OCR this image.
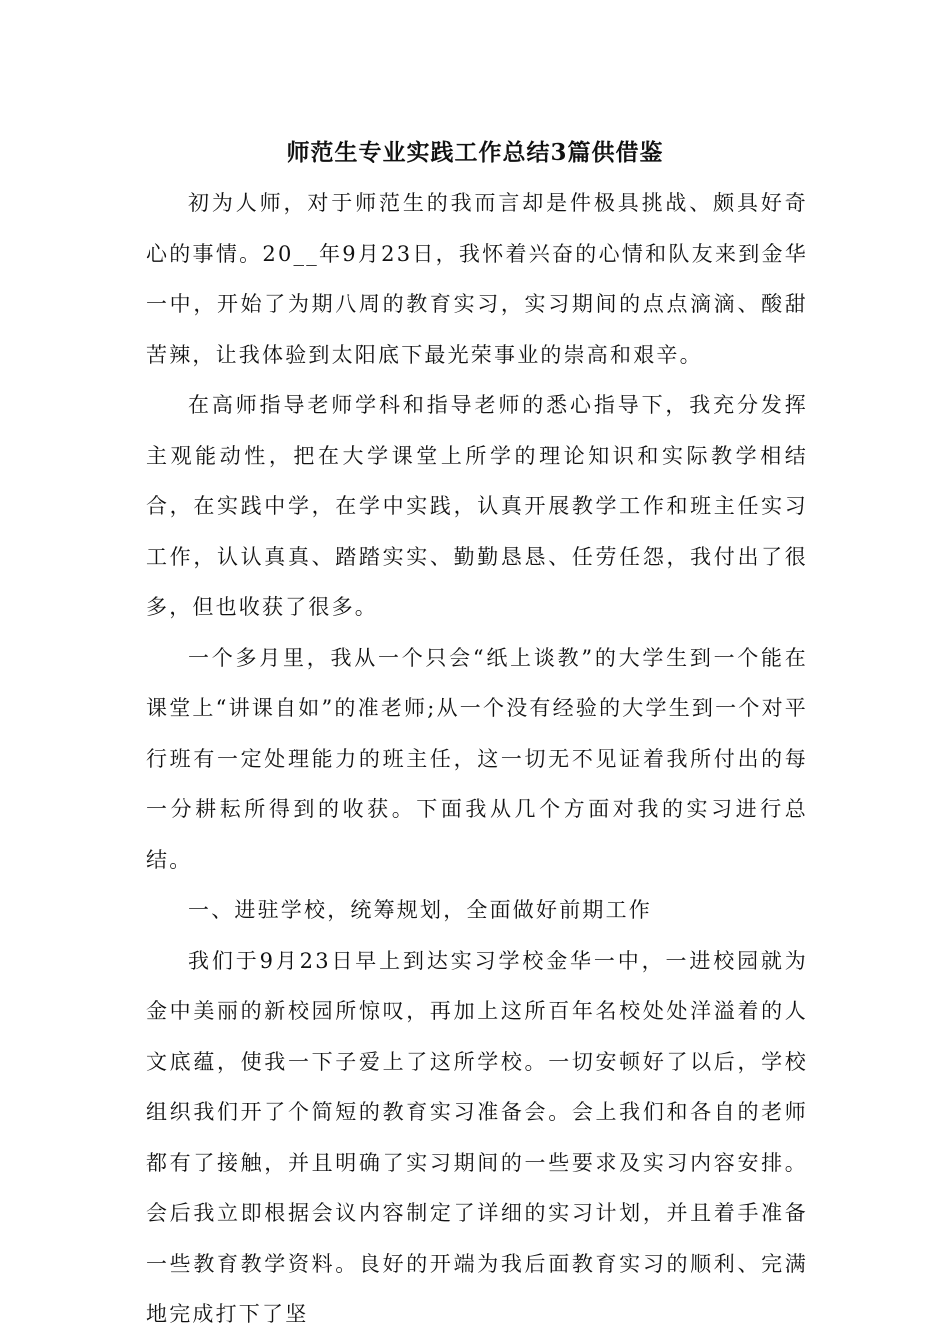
师范生专业实践工作总结3篇供借鉴

初为人师，对于师范生的我而言却是件极具挑战、颇具好奇心的事情。20__年9月23日，我怀着兴奋的心情和队友来到金华一中，开始了为期八周的教育实习，实习期间的点点滴滴、酸甜苦辣，让我体验到太阳底下最光荣事业的崇高和艰辛。

在高师指导老师学科和指导老师的悉心指导下，我充分发挥主观能动性，把在大学课堂上所学的理论知识和实际教学相结合，在实践中学，在学中实践，认真开展教学工作和班主任实习工作，认认真真、踏踏实实、勤勤恳恳、任劳任怨，我付出了很多，但也收获了很多。

一个多月里，我从一个只会“纸上谈教”的大学生到一个能在课堂上“讲课自如”的准老师;从一个没有经验的大学生到一个对平行班有一定处理能力的班主任，这一切无不见证着我所付出的每一分耕耘所得到的收获。下面我从几个方面对我的实习进行总结。

一、进驻学校，统筹规划，全面做好前期工作

我们于9月23日早上到达实习学校金华一中，一进校园就为金中美丽的新校园所惊叹，再加上这所百年名校处处洋溢着的人文底蕴，使我一下子爱上了这所学校。一切安顿好了以后，学校组织我们开了个简短的教育实习准备会。会上我们和各自的老师都有了接触，并且明确了实习期间的一些要求及实习内容安排。会后我立即根据会议内容制定了详细的实习计划，并且着手准备一些教育教学资料。良好的开端为我后面教育实习的顺利、完满地完成打下了坚
